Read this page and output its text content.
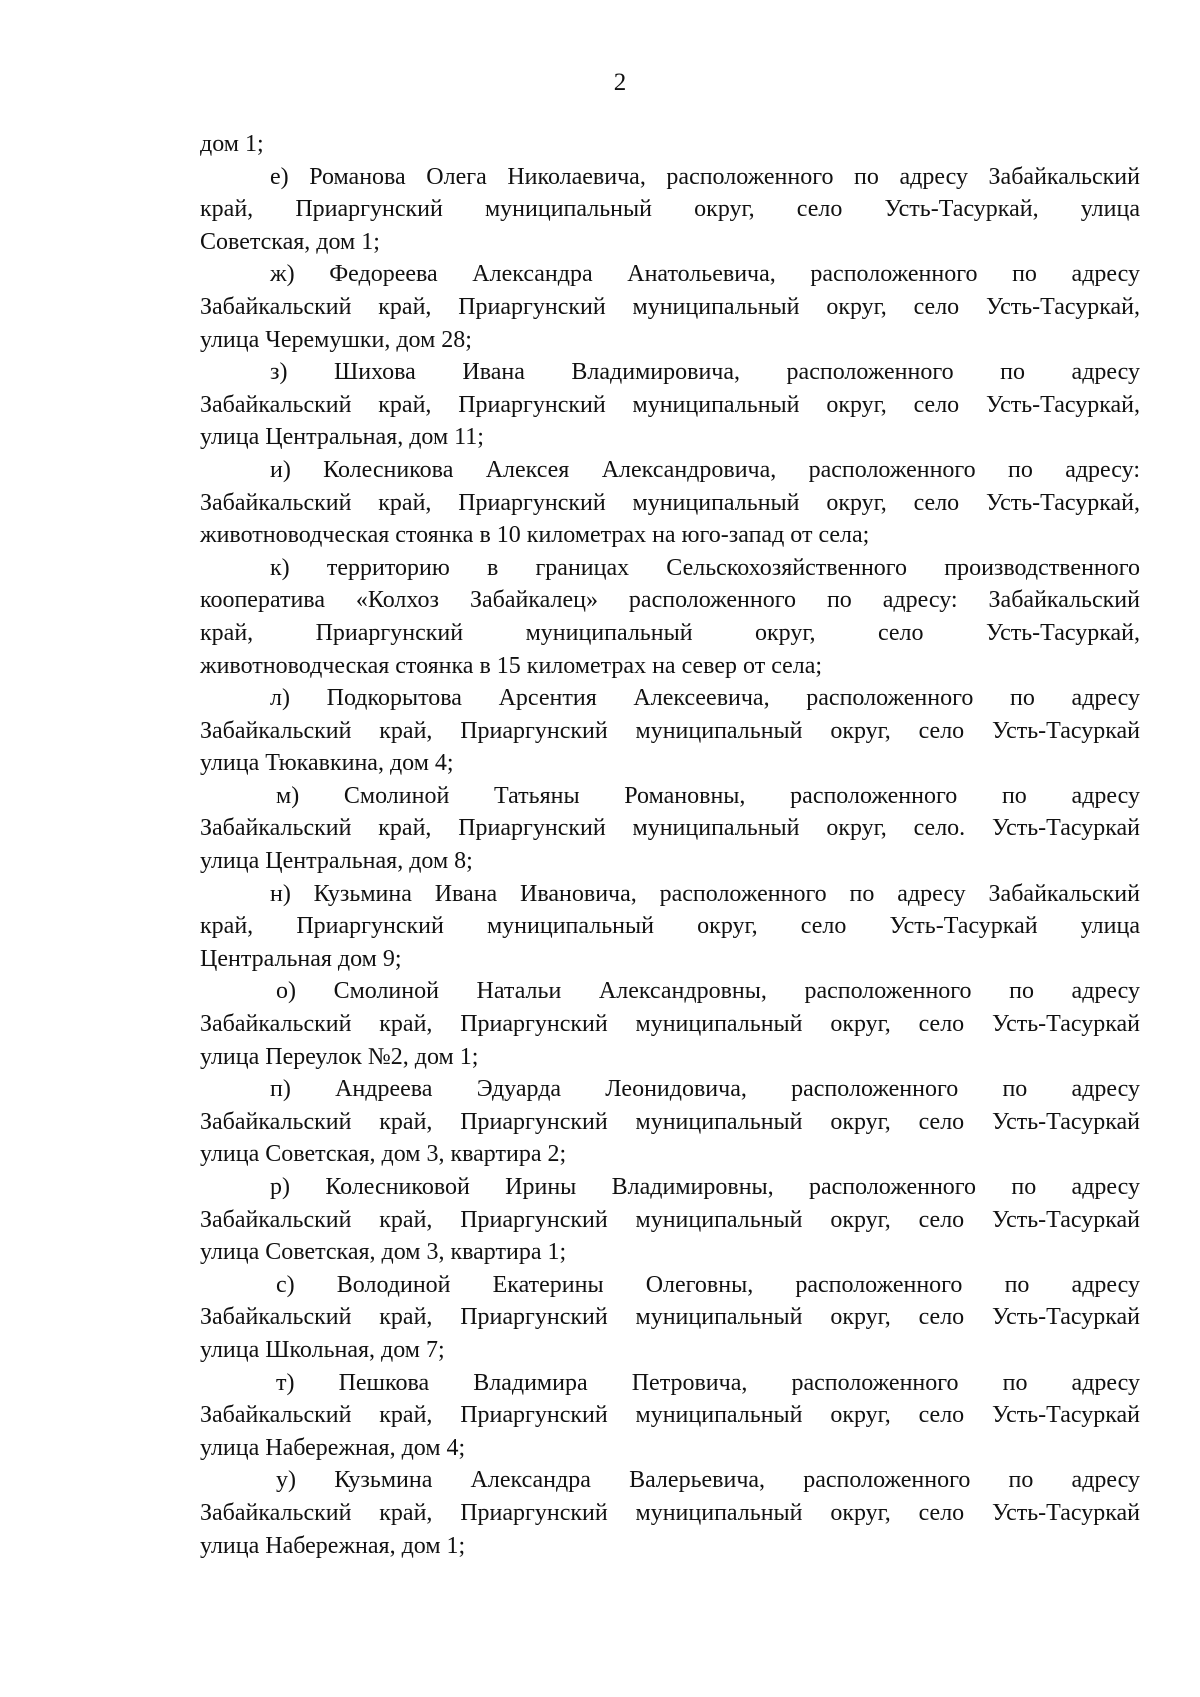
2
дом 1;
е) Романова Олега Николаевича, расположенного по адресу Забайкальский
край, Приаргунский муниципальный округ, село Усть-Тасуркай, улица
Советская, дом 1;
ж) Федореева Александра Анатольевича, расположенного по адресу
Забайкальский край, Приаргунский муниципальный округ, село Усть-Тасуркай,
улица Черемушки, дом 28;
з) Шихова Ивана Владимировича, расположенного по адресу
Забайкальский край, Приаргунский муниципальный округ, село Усть-Тасуркай,
улица Центральная, дом 11;
и) Колесникова Алексея Александровича, расположенного по адресу:
Забайкальский край, Приаргунский муниципальный округ, село Усть-Тасуркай,
животноводческая стоянка в 10 километрах на юго-запад от села;
к) территорию в границах Сельскохозяйственного производственного
кооператива «Колхоз Забайкалец» расположенного по адресу: Забайкальский
край, Приаргунский муниципальный округ, село Усть-Тасуркай,
животноводческая стоянка в 15 километрах на север от села;
л) Подкорытова Арсентия Алексеевича, расположенного по адресу
Забайкальский край, Приаргунский муниципальный округ, село Усть-Тасуркай
улица Тюкавкина, дом 4;
м) Смолиной Татьяны Романовны, расположенного по адресу
Забайкальский край, Приаргунский муниципальный округ, село. Усть-Тасуркай
улица Центральная, дом 8;
н) Кузьмина Ивана Ивановича, расположенного по адресу Забайкальский
край, Приаргунский муниципальный округ, село Усть-Тасуркай улица
Центральная дом 9;
о) Смолиной Натальи Александровны, расположенного по адресу
Забайкальский край, Приаргунский муниципальный округ, село Усть-Тасуркай
улица Переулок №2, дом 1;
п) Андреева Эдуарда Леонидовича, расположенного по адресу
Забайкальский край, Приаргунский муниципальный округ, село Усть-Тасуркай
улица Советская, дом 3, квартира 2;
р) Колесниковой Ирины Владимировны, расположенного по адресу
Забайкальский край, Приаргунский муниципальный округ, село Усть-Тасуркай
улица Советская, дом 3, квартира 1;
с) Володиной Екатерины Олеговны, расположенного по адресу
Забайкальский край, Приаргунский муниципальный округ, село Усть-Тасуркай
улица Школьная, дом 7;
т) Пешкова Владимира Петровича, расположенного по адресу
Забайкальский край, Приаргунский муниципальный округ, село Усть-Тасуркай
улица Набережная, дом 4;
у) Кузьмина Александра Валерьевича, расположенного по адресу
Забайкальский край, Приаргунский муниципальный округ, село Усть-Тасуркай
улица Набережная, дом 1;
